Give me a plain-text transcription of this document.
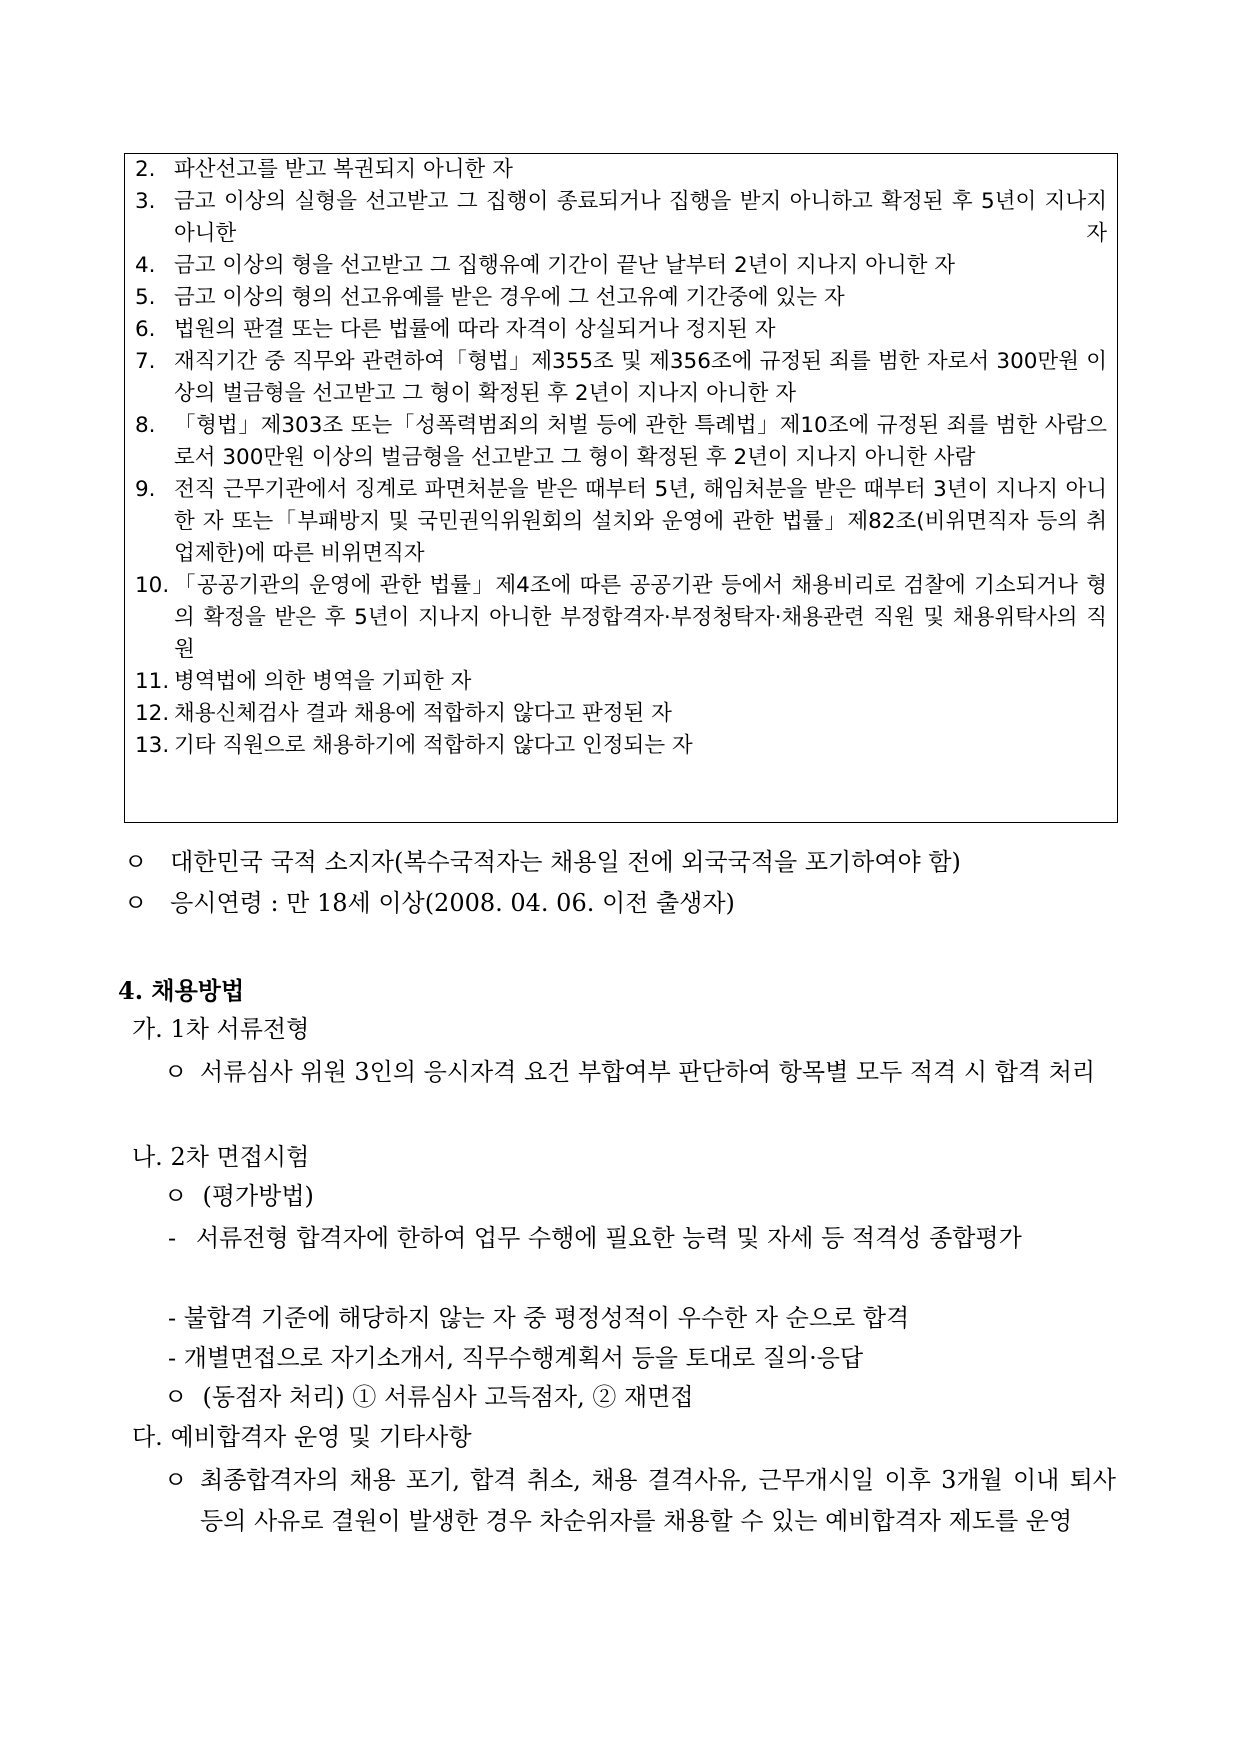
2. 파산선고를 받고 복권되지 아니한 자
3. 금고 이상의 실형을 선고받고 그 집행이 종료되거나 집행을 받지 아니하고 확정된 후 5년이 지나지 아니한 자
4. 금고 이상의 형을 선고받고 그 집행유예 기간이 끝난 날부터 2년이 지나지 아니한 자
5. 금고 이상의 형의 선고유예를 받은 경우에 그 선고유예 기간중에 있는 자
6. 법원의 판결 또는 다른 법률에 따라 자격이 상실되거나 정지된 자
7. 재직기간 중 직무와 관련하여「형법」제355조 및 제356조에 규정된 죄를 범한 자로서 300만원 이상의 벌금형을 선고받고 그 형이 확정된 후 2년이 지나지 아니한 자
8. 「형법」제303조 또는「성폭력범죄의 처벌 등에 관한 특례법」제10조에 규정된 죄를 범한 사람으로서 300만원 이상의 벌금형을 선고받고 그 형이 확정된 후 2년이 지나지 아니한 사람
9. 전직 근무기관에서 징계로 파면처분을 받은 때부터 5년, 해임처분을 받은 때부터 3년이 지나지 아니한 자 또는「부패방지 및 국민권익위원회의 설치와 운영에 관한 법률」제82조(비위면직자 등의 취업제한)에 따른 비위면직자
10. 「공공기관의 운영에 관한 법률」제4조에 따른 공공기관 등에서 채용비리로 검찰에 기소되거나 형의 확정을 받은 후 5년이 지나지 아니한 부정합격자·부정청탁자·채용관련 직원 및 채용위탁사의 직원
11. 병역법에 의한 병역을 기피한 자
12. 채용신체검사 결과 채용에 적합하지 않다고 판정된 자
13. 기타 직원으로 채용하기에 적합하지 않다고 인정되는 자
ㅇ 대한민국 국적 소지자(복수국적자는 채용일 전에 외국국적을 포기하여야 함)
ㅇ 응시연령 : 만 18세 이상(2008. 04. 06. 이전 출생자)
4. 채용방법
가. 1차 서류전형
ㅇ 서류심사 위원 3인의 응시자격 요건 부합여부 판단하여 항목별 모두 적격 시 합격 처리
나. 2차 면접시험
ㅇ (평가방법)
- 서류전형 합격자에 한하여 업무 수행에 필요한 능력 및 자세 등 적격성 종합평가
- 불합격 기준에 해당하지 않는 자 중 평정성적이 우수한 자 순으로 합격
- 개별면접으로 자기소개서, 직무수행계획서 등을 토대로 질의·응답
ㅇ (동점자 처리) ① 서류심사 고득점자, ② 재면접
다. 예비합격자 운영 및 기타사항
ㅇ 최종합격자의 채용 포기, 합격 취소, 채용 결격사유, 근무개시일 이후 3개월 이내 퇴사 등의 사유로 결원이 발생한 경우 차순위자를 채용할 수 있는 예비합격자 제도를 운영
